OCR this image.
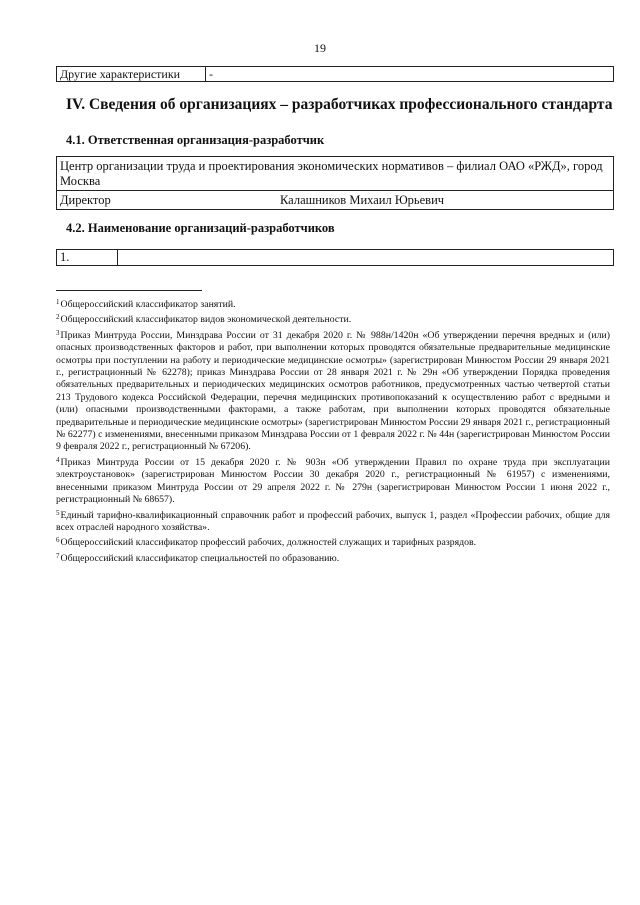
19
Другие характеристики	-
IV. Сведения об организациях – разработчиках профессионального стандарта
4.1. Ответственная организация-разработчик
Центр организации труда и проектирования экономических нормативов – филиал ОАО «РЖД», город Москва
Директор	Калашников Михаил Юрьевич
4.2. Наименование организаций-разработчиков
1.	

$^1$Общероссийский классификатор занятий.

$^2$Общероссийский классификатор видов экономической деятельности.

$^3$Приказ Минтруда России, Минздрава России от 31 декабря 2020 г. № 988н/1420н «Об утверждении перечня вредных и (или) опасных производственных факторов и работ, при выполнении которых проводятся обязательные предварительные медицинские осмотры при поступлении на работу и периодические медицинские осмотры» (зарегистрирован Минюстом России 29 января 2021 г., регистрационный № 62278); приказ Минздрава России от 28 января 2021 г. № 29н «Об утверждении Порядка проведения обязательных предварительных и периодических медицинских осмотров работников, предусмотренных частью четвертой статьи 213 Трудового кодекса Российской Федерации, перечня медицинских противопоказаний к осуществлению работ с вредными и (или) опасными производственными факторами, а также работам, при выполнении которых проводятся обязательные предварительные и периодические медицинские осмотры» (зарегистрирован Минюстом России 29 января 2021 г., регистрационный № 62277) с изменениями, внесенными приказом Минздрава России от 1 февраля 2022 г. № 44н (зарегистрирован Минюстом России 9 февраля 2022 г., регистрационный № 67206).

$^4$Приказ Минтруда России от 15 декабря 2020 г. № 903н «Об утверждении Правил по охране труда при эксплуатации электроустановок» (зарегистрирован Минюстом России 30 декабря 2020 г., регистрационный № 61957) с изменениями, внесенными приказом Минтруда России от 29 апреля 2022 г. № 279н (зарегистрирован Минюстом России 1 июня 2022 г., регистрационный № 68657).

$^5$Единый тарифно-квалификационный справочник работ и профессий рабочих, выпуск 1, раздел «Профессии рабочих, общие для всех отраслей народного хозяйства».

$^6$Общероссийский классификатор профессий рабочих, должностей служащих и тарифных разрядов.

$^7$Общероссийский классификатор специальностей по образованию.
